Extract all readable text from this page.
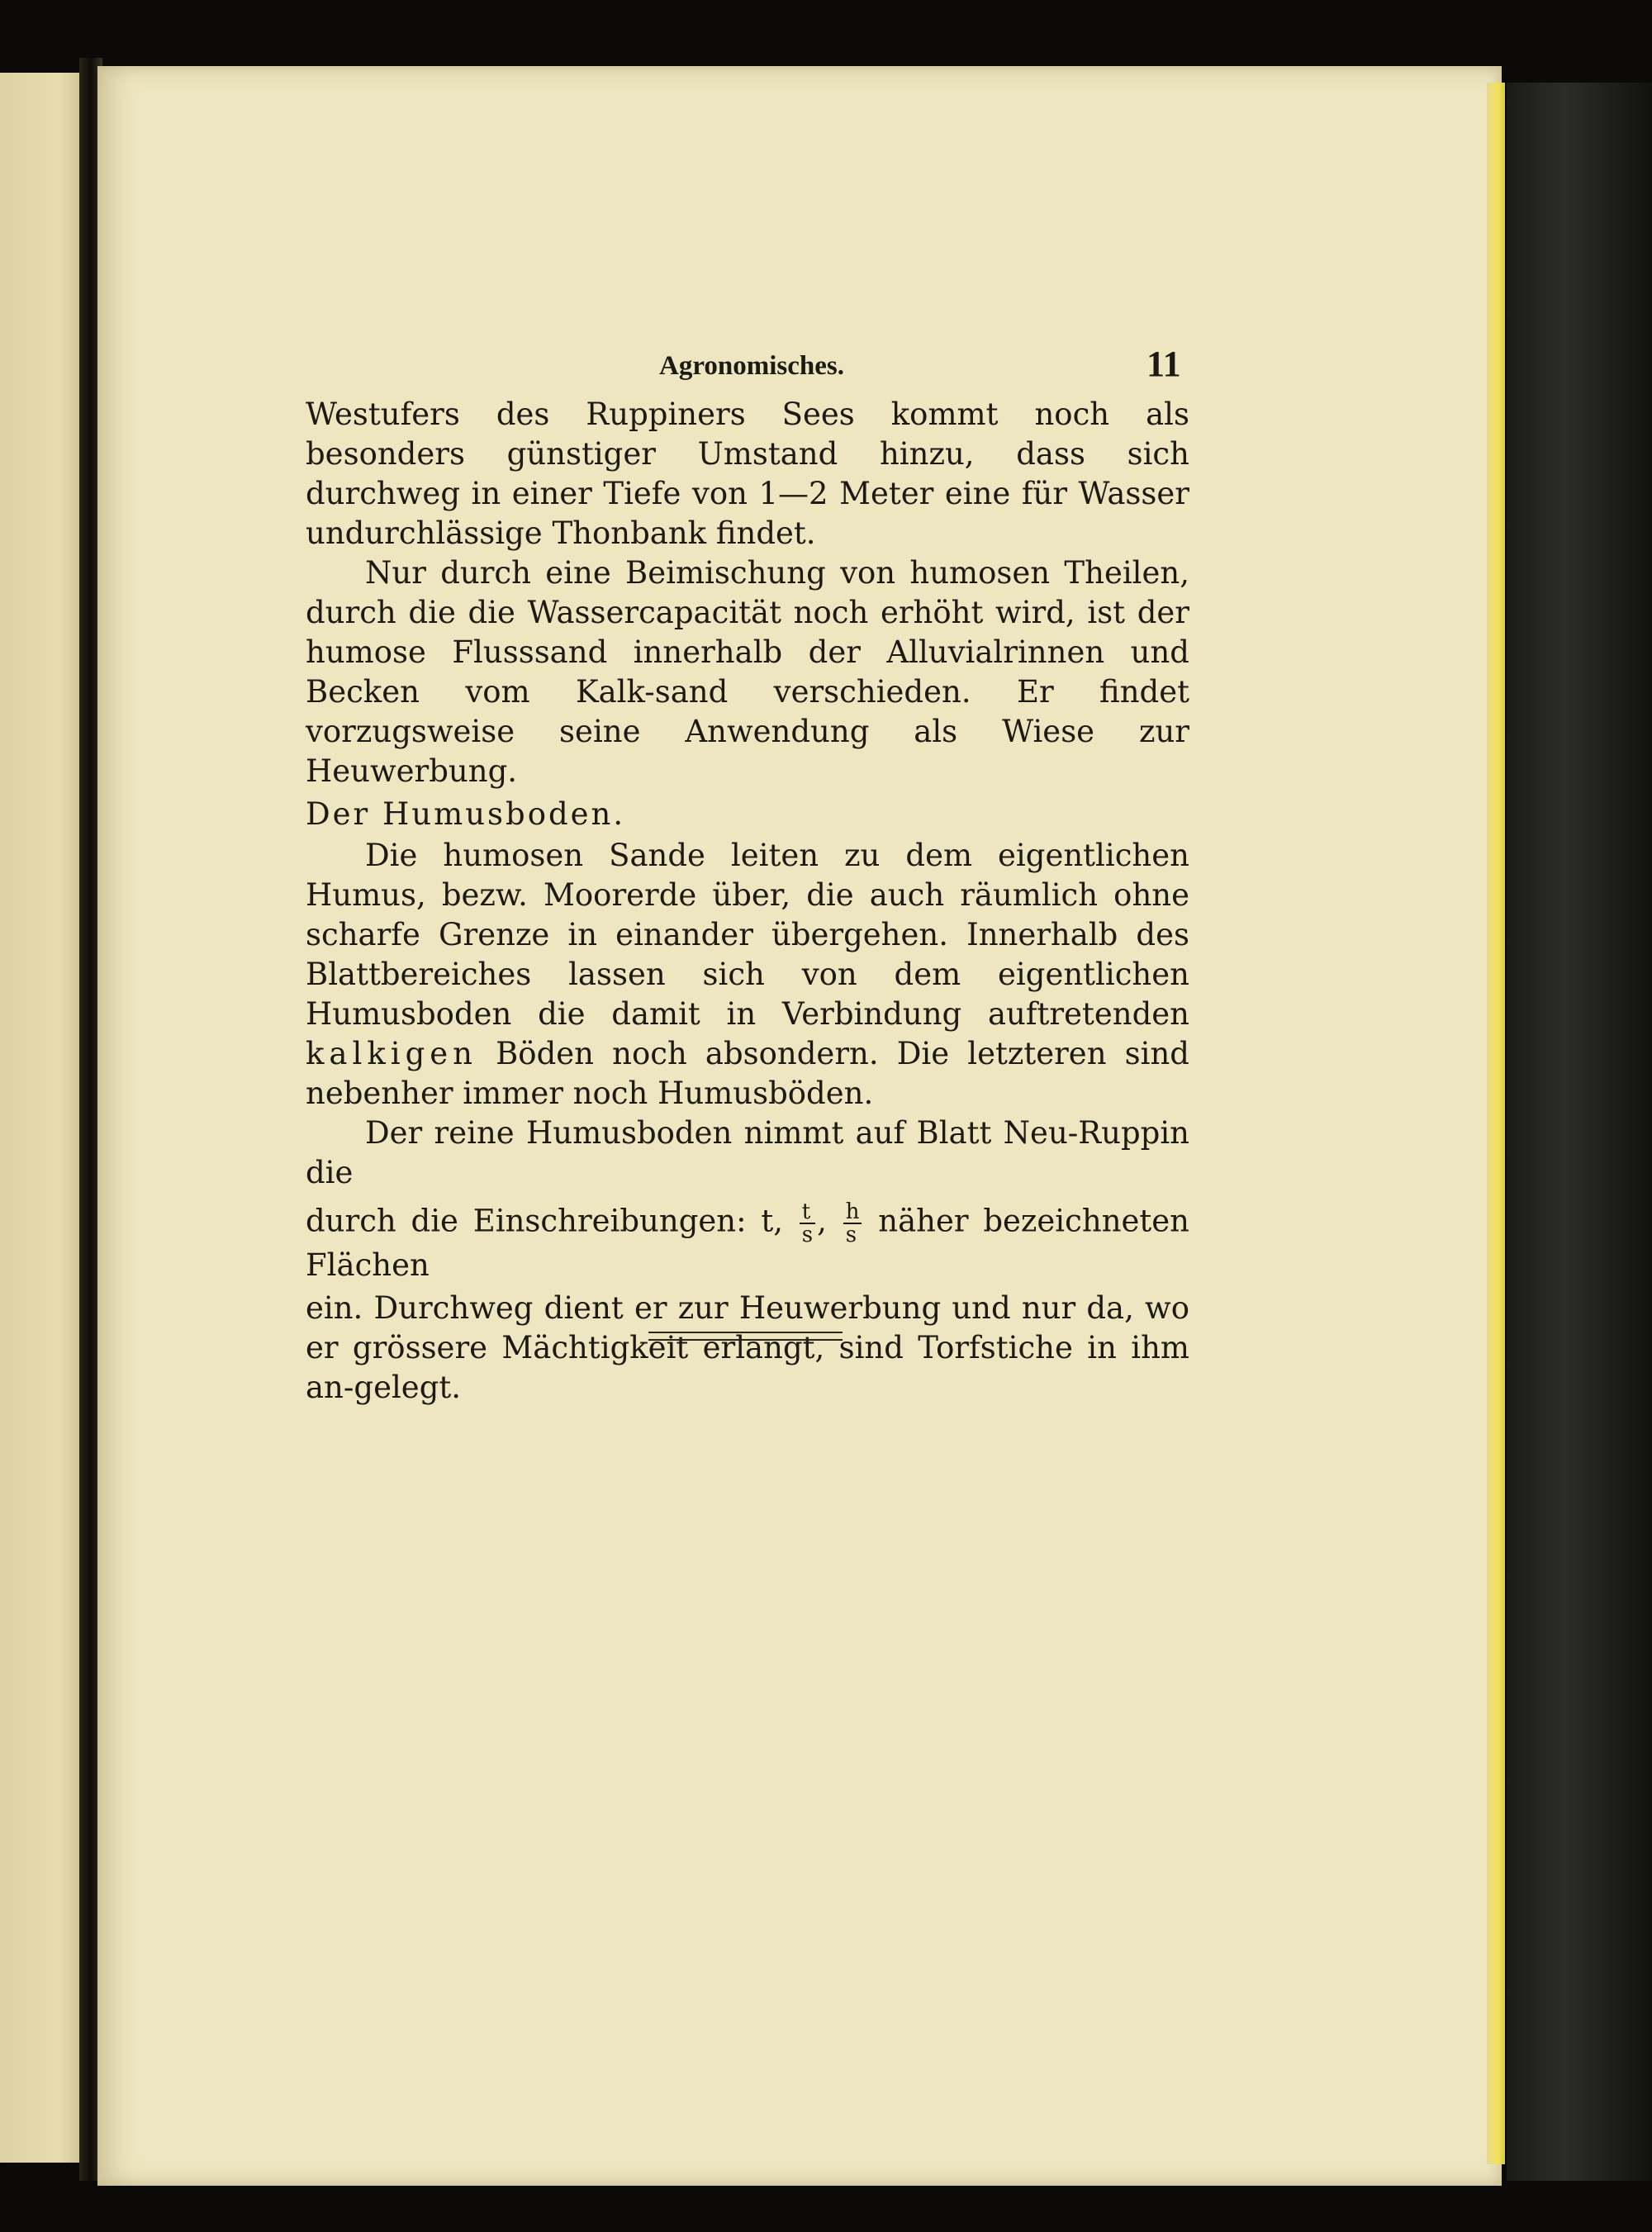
Agronomisches.	11

Westufers des Ruppiners Sees kommt noch als besonders günstiger Umstand hinzu, dass sich durchweg in einer Tiefe von 1—2 Meter eine für Wasser undurchlässige Thonbank findet.

Nur durch eine Beimischung von humosen Theilen, durch die die Wassercapacität noch erhöht wird, ist der humose Flusssand innerhalb der Alluvialrinnen und Becken vom Kalk-sand verschieden. Er findet vorzugsweise seine Anwendung als Wiese zur Heuwerbung.

Der Humusboden.

Die humosen Sande leiten zu dem eigentlichen Humus, bezw. Moorerde über, die auch räumlich ohne scharfe Grenze in einander übergehen. Innerhalb des Blattbereiches lassen sich von dem eigentlichen Humusboden die damit in Verbindung auftretenden kalkigen Böden noch absondern. Die letzteren sind nebenher immer noch Humusböden.

Der reine Humusboden nimmt auf Blatt Neu-Ruppin die

durch die Einschreibungen: t, $\frac{t}{s}$ , $\frac{h}{s}$ näher bezeichneten Flächen

ein. Durchweg dient er zur Heuwerbung und nur da, wo er grössere Mächtigkeit erlangt, sind Torfstiche in ihm an-gelegt.
